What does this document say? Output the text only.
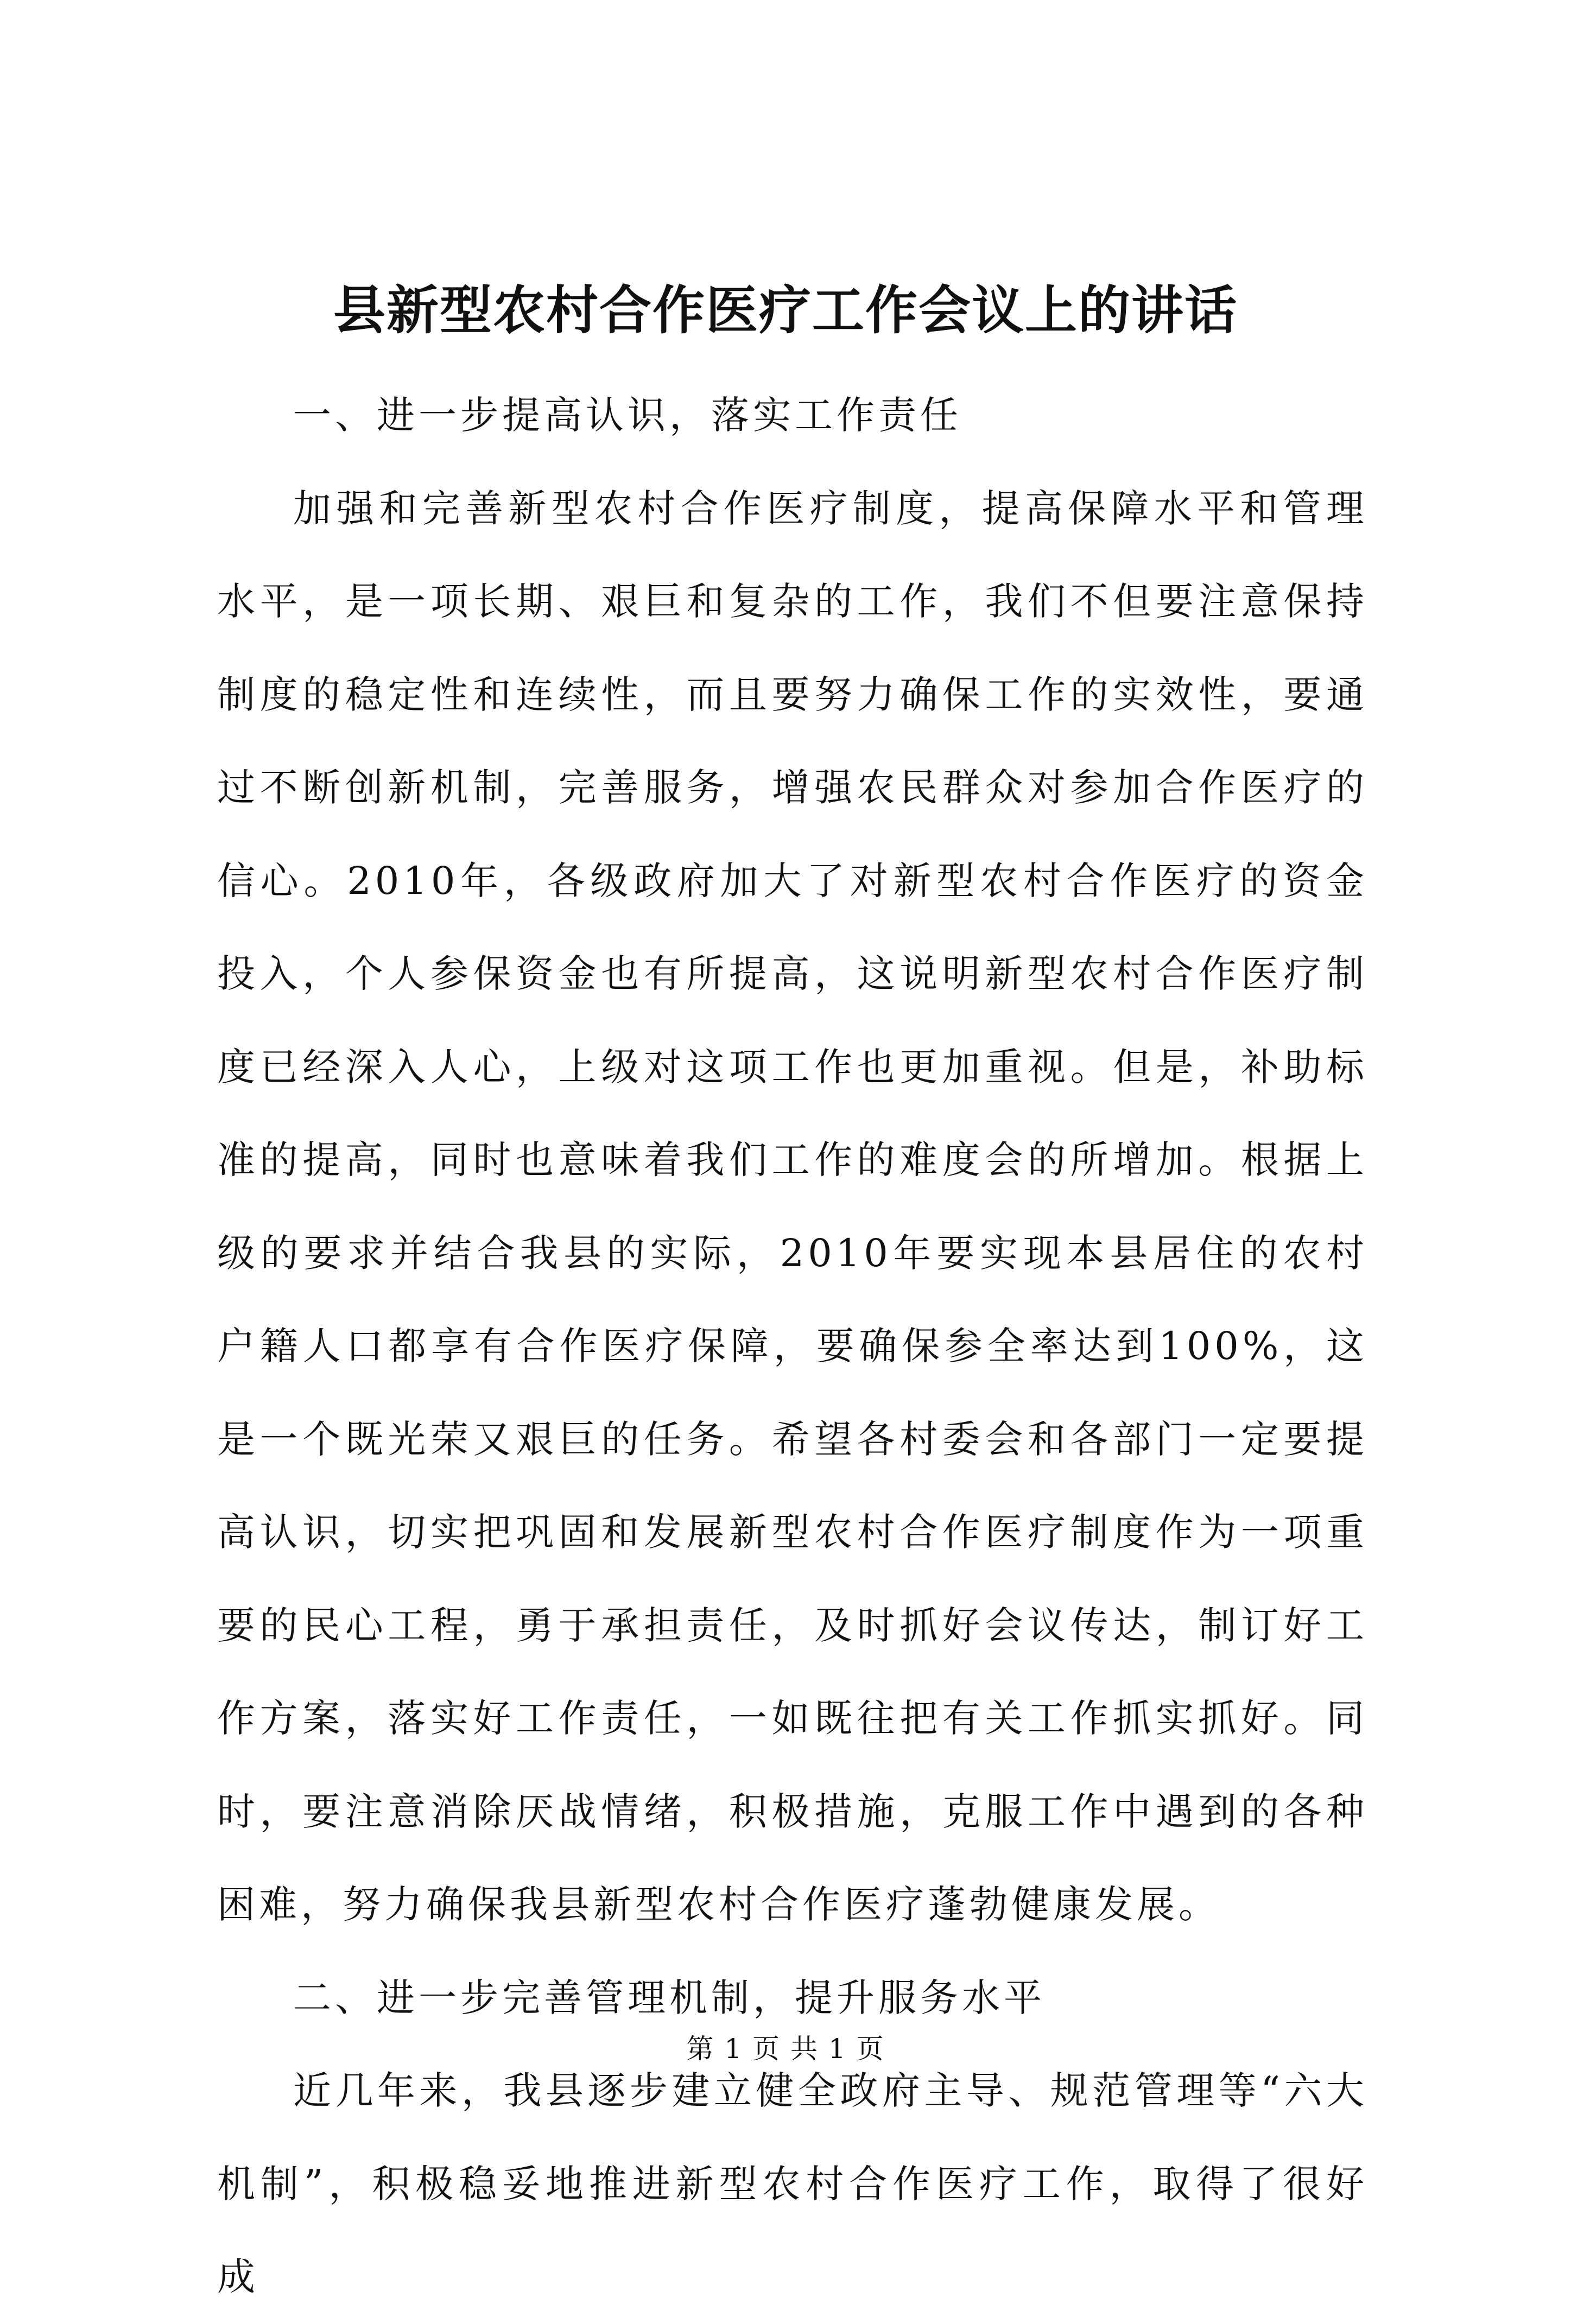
县新型农村合作医疗工作会议上的讲话

一、进一步提高认识，落实工作责任

加强和完善新型农村合作医疗制度，提高保障水平和管理水平，是一项长期、艰巨和复杂的工作，我们不但要注意保持制度的稳定性和连续性，而且要努力确保工作的实效性，要通过不断创新机制，完善服务，增强农民群众对参加合作医疗的信心。2010年，各级政府加大了对新型农村合作医疗的资金投入，个人参保资金也有所提高，这说明新型农村合作医疗制度已经深入人心，上级对这项工作也更加重视。但是，补助标准的提高，同时也意味着我们工作的难度会的所增加。根据上级的要求并结合我县的实际，2010年要实现本县居住的农村户籍人口都享有合作医疗保障，要确保参全率达到100%，这是一个既光荣又艰巨的任务。希望各村委会和各部门一定要提高认识，切实把巩固和发展新型农村合作医疗制度作为一项重要的民心工程，勇于承担责任，及时抓好会议传达，制订好工作方案，落实好工作责任，一如既往把有关工作抓实抓好。同时，要注意消除厌战情绪，积极措施，克服工作中遇到的各种困难，努力确保我县新型农村合作医疗蓬勃健康发展。

二、进一步完善管理机制，提升服务水平

近几年来，我县逐步建立健全政府主导、规范管理等“六大机制”，积极稳妥地推进新型农村合作医疗工作，取得了很好成

第 1 页 共 1 页
